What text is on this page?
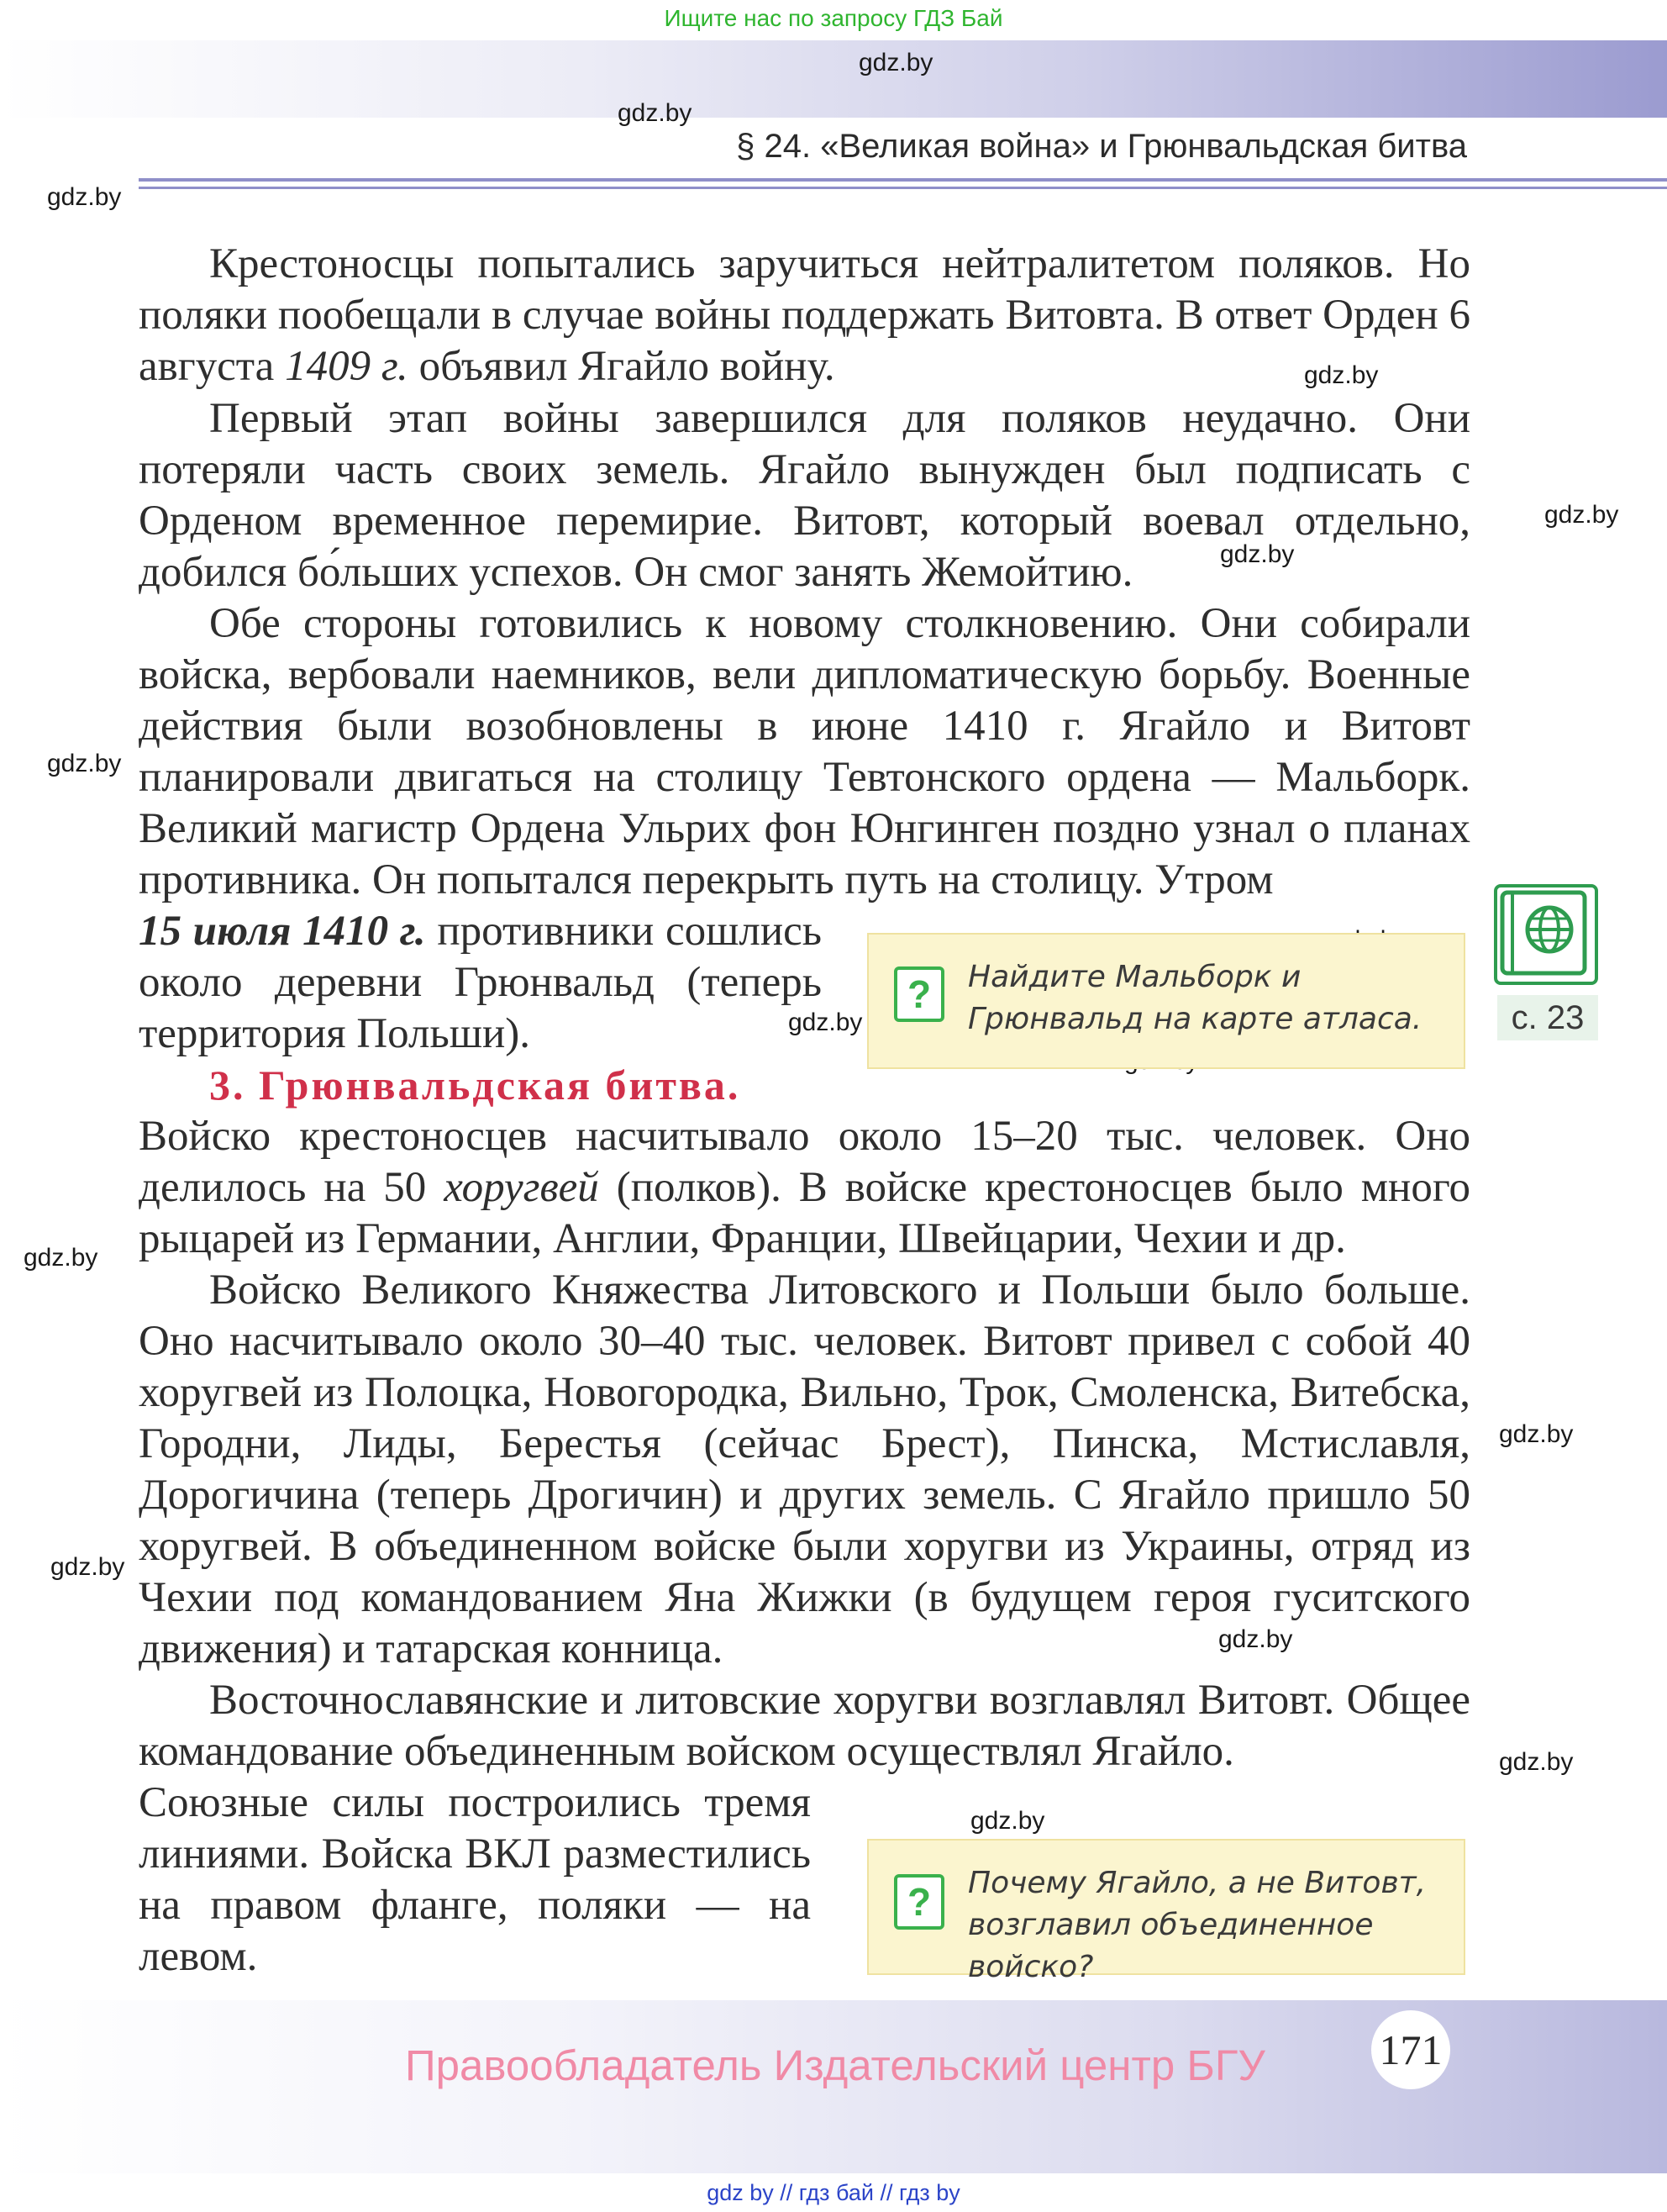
Ищите нас по запросу ГДЗ Бай
§ 24. «Великая война» и Грюнвальдская битва
gdz.by
gdz.by
gdz.by
gdz.by
gdz.by
gdz.by
gdz.by
gdz.by
gdz.by
gdz.by
gdz.by
gdz.by
gdz.by
gdz.by
Крестоносцы попытались заручиться нейтралитетом поляков. Но поляки пообещали в случае войны поддержать Витовта. В ответ Орден 6 августа 1409 г. объявил Ягайло войну.
Первый этап войны завершился для поляков неудачно. Они потеряли часть своих земель. Ягайло вынужден был подписать с Орденом временное перемирие. Витовт, который воевал отдельно, добился бо́льших успехов. Он смог занять Жемойтию.
Обе стороны готовились к новому столкновению. Они собирали войска, вербовали наемников, вели дипломатическую борьбу. Военные действия были возобновлены в июне 1410 г. Ягайло и Витовт планировали двигаться на столицу Тевтонского ордена — Мальборк. Великий магистр Ордена Ульрих фон Юнгинген поздно узнал о планах противника. Он попытался перекрыть путь на столицу. Утром
15 июля 1410 г. противники сошлись около деревни Грюнвальд (теперь территория Польши).
?	Найдите Мальборк и Грюнвальд на карте атласа.	с. 23
3. Грюнвальдская битва.
Войско крестоносцев насчитывало около 15–20 тыс. человек. Оно делилось на 50 хоругвей (полков). В войске крестоносцев было много рыцарей из Германии, Англии, Франции, Швейцарии, Чехии и др.
Войско Великого Княжества Литовского и Польши было больше. Оно насчитывало около 30–40 тыс. человек. Витовт привел с собой 40 хоругвей из Полоцка, Новогородка, Вильно, Трок, Смоленска, Витебска, Городни, Лиды, Берестья (сейчас Брест), Пинска, Мстиславля, Дорогичина (теперь Дрогичин) и других земель. С Ягайло пришло 50 хоругвей. В объединенном войске были хоругви из Украины, отряд из Чехии под командованием Яна Жижки (в будущем героя гуситского движения) и татарская конница.
Восточнославянские и литовские хоругви возглавлял Витовт. Общее командование объединенным войском осуществлял Ягайло.
Союзные силы построились тремя линиями. Войска ВКЛ разместились на правом фланге, поляки — на левом.
?	Почему Ягайло, а не Витовт, возглавил объединенное войско?
Правообладатель Издательский центр БГУ	171
gdz by // гдз бай // гдз by
